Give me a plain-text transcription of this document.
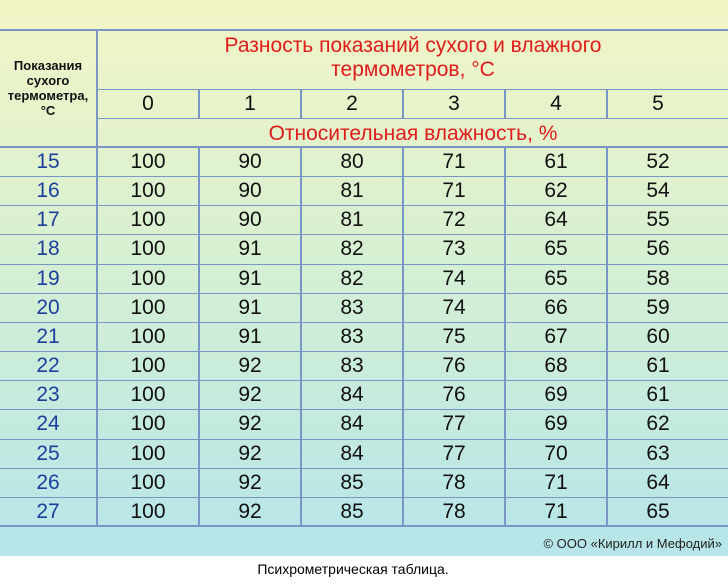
Показания
сухого
термометра,
°С
Разность показаний сухого и влажного
термометров, °С
0	1	2	3	4	5
Относительная влажность, %
15	100	90	80	71	61	52
16	100	90	81	71	62	54
17	100	90	81	72	64	55
18	100	91	82	73	65	56
19	100	91	82	74	65	58
20	100	91	83	74	66	59
21	100	91	83	75	67	60
22	100	92	83	76	68	61
23	100	92	84	76	69	61
24	100	92	84	77	69	62
25	100	92	84	77	70	63
26	100	92	85	78	71	64
27	100	92	85	78	71	65
© ООО «Кирилл и Мефодий»
Психрометрическая таблица.
